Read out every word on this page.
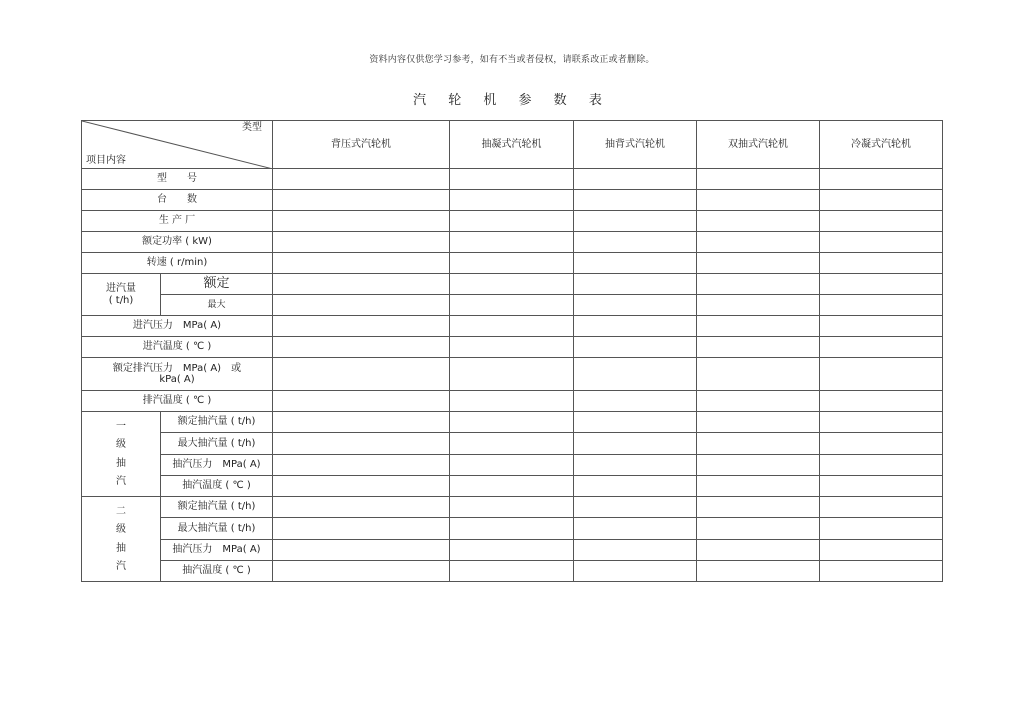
资料内容仅供您学习参考，如有不当或者侵权，请联系改正或者删除。
汽 轮 机 参 数 表
类型
项目内容		背压式汽轮机	抽凝式汽轮机	抽背式汽轮机	双抽式汽轮机	冷凝式汽轮机
型　　号						
台　　数						
生 产 厂						
额定功率 ( kW)						
转速 ( r/min)						

进汽量
( t/h)	额定					
	最大					
进汽压力　MPa( A)						
进汽温度 ( ℃ )						

额定排汽压力　MPa( A)　或
kPa( A)						

排汽温度 ( ℃ )						

一
级
抽
汽	额定抽汽量 ( t/h)					
	最大抽汽量 ( t/h)					
	抽汽压力　MPa( A)					
	抽汽温度 ( ℃ )					

二
级
抽
汽	额定抽汽量 ( t/h)					
	最大抽汽量 ( t/h)					
	抽汽压力　MPa( A)					
	抽汽温度 ( ℃ )					
